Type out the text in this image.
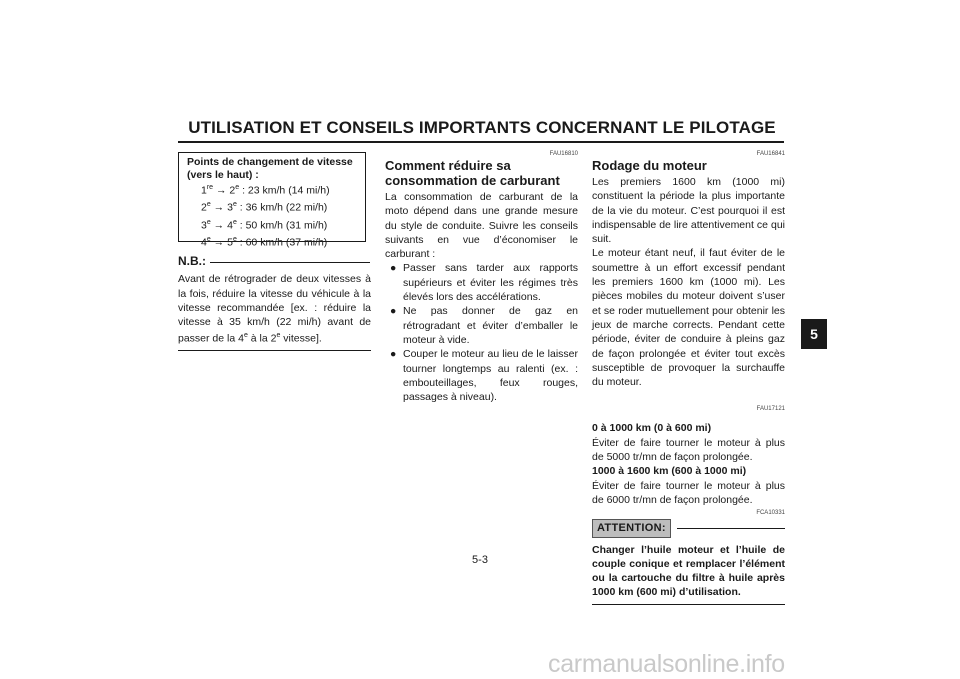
UTILISATION ET CONSEILS IMPORTANTS CONCERNANT LE PILOTAGE
5
Points de changement de vitesse (vers le haut) :
$1re \to 2^e$ : 23 km/h (14 mi/h)
$2^e \to 3^e$ : 36 km/h (22 mi/h)
$3^e \to 4^e$ : 50 km/h (31 mi/h)
$4^e \to 5^e$ : 60 km/h (37 mi/h)
N.B.:
Avant de rétrograder de deux vitesses à la fois, réduire la vitesse du véhicule à la vitesse recommandée [ex. : réduire la vitesse à 35 km/h (22 mi/h) avant de passer de la 4e à la 2e vitesse].
FAU16810
Comment réduire sa consommation de carburant
La consommation de carburant de la moto dépend dans une grande mesure du style de conduite. Suivre les conseils suivants en vue d’économiser le carburant :
● Passer sans tarder aux rapports supérieurs et éviter les régimes très élevés lors des accélérations.
● Ne pas donner de gaz en rétrogradant et éviter d’emballer le moteur à vide.
● Couper le moteur au lieu de le laisser tourner longtemps au ralenti (ex. : embouteillages, feux rouges, passages à niveau).
FAU16841
Rodage du moteur
Les premiers 1600 km (1000 mi) constituent la période la plus importante de la vie du moteur. C’est pourquoi il est indispensable de lire attentivement ce qui suit.
Le moteur étant neuf, il faut éviter de le soumettre à un effort excessif pendant les premiers 1600 km (1000 mi). Les pièces mobiles du moteur doivent s’user et se roder mutuellement pour obtenir les jeux de marche corrects. Pendant cette période, éviter de conduire à pleins gaz de façon prolongée et éviter tout excès susceptible de provoquer la surchauffe du moteur.
FAU17121
0 à 1000 km (0 à 600 mi)
Éviter de faire tourner le moteur à plus de 5000 tr/mn de façon prolongée.
1000 à 1600 km (600 à 1000 mi)
Éviter de faire tourner le moteur à plus de 6000 tr/mn de façon prolongée.
FCA10331
ATTENTION:
Changer l’huile moteur et l’huile de couple conique et remplacer l’élément ou la cartouche du filtre à huile après 1000 km (600 mi) d’utilisation.
5-3
carmanualsonline.info
